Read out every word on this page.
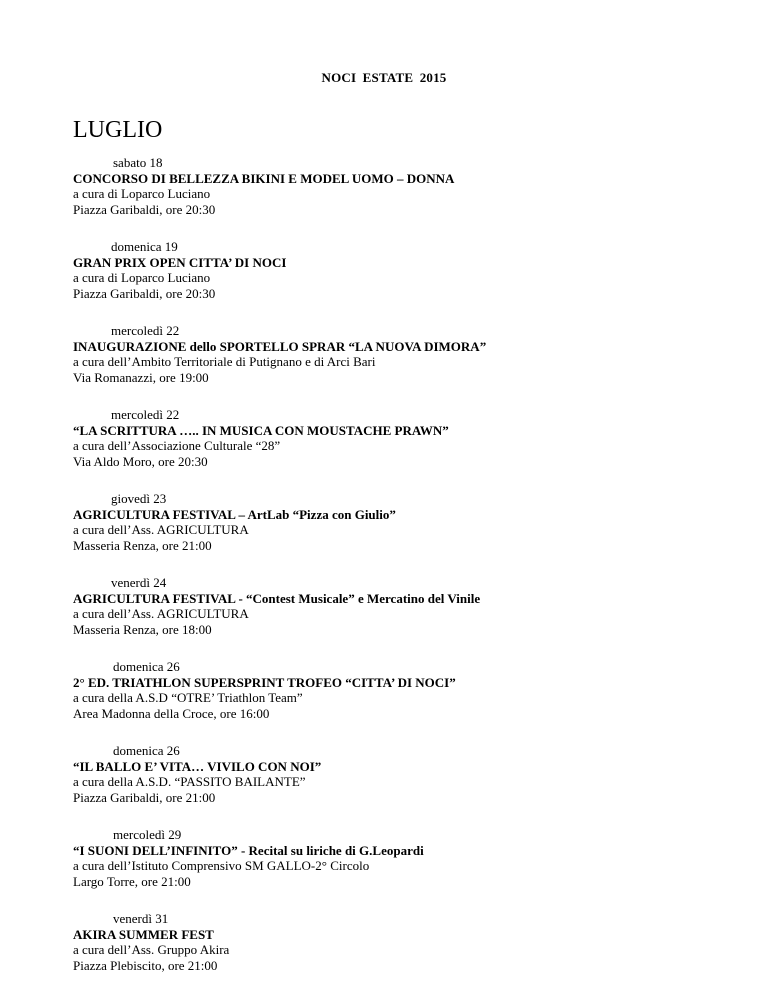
NOCI ESTATE 2015
LUGLIO
sabato 18
CONCORSO DI BELLEZZA BIKINI E MODEL UOMO – DONNA
a cura di Loparco Luciano
Piazza Garibaldi, ore 20:30
domenica 19
GRAN PRIX OPEN CITTA’ DI NOCI
a cura di Loparco Luciano
Piazza Garibaldi, ore 20:30
mercoledì 22
INAUGURAZIONE dello SPORTELLO SPRAR “LA NUOVA DIMORA”
a cura dell’Ambito Territoriale di Putignano e di Arci Bari
Via Romanazzi, ore 19:00
mercoledì 22
“LA SCRITTURA ….. IN MUSICA CON MOUSTACHE PRAWN”
a cura dell’Associazione Culturale “28”
Via Aldo Moro, ore 20:30
giovedì 23
AGRICULTURA FESTIVAL – ArtLab “Pizza con Giulio”
a cura dell’Ass. AGRICULTURA
Masseria Renza, ore 21:00
venerdì 24
AGRICULTURA FESTIVAL - “Contest Musicale” e Mercatino del Vinile
a cura dell’Ass. AGRICULTURA
Masseria Renza, ore 18:00
domenica 26
2° ED. TRIATHLON SUPERSPRINT TROFEO “CITTA’ DI NOCI”
a cura della A.S.D “OTRE’ Triathlon Team”
Area Madonna della Croce, ore 16:00
domenica 26
“IL BALLO E’ VITA… VIVILO CON NOI”
a cura della A.S.D. “PASSITO BAILANTE”
Piazza Garibaldi, ore 21:00
mercoledì 29
“I SUONI DELL’INFINITO” - Recital su liriche di G.Leopardi
a cura dell’Istituto Comprensivo SM GALLO-2° Circolo
Largo Torre, ore 21:00
venerdì 31
AKIRA SUMMER FEST
a cura dell’Ass. Gruppo Akira
Piazza Plebiscito, ore 21:00
